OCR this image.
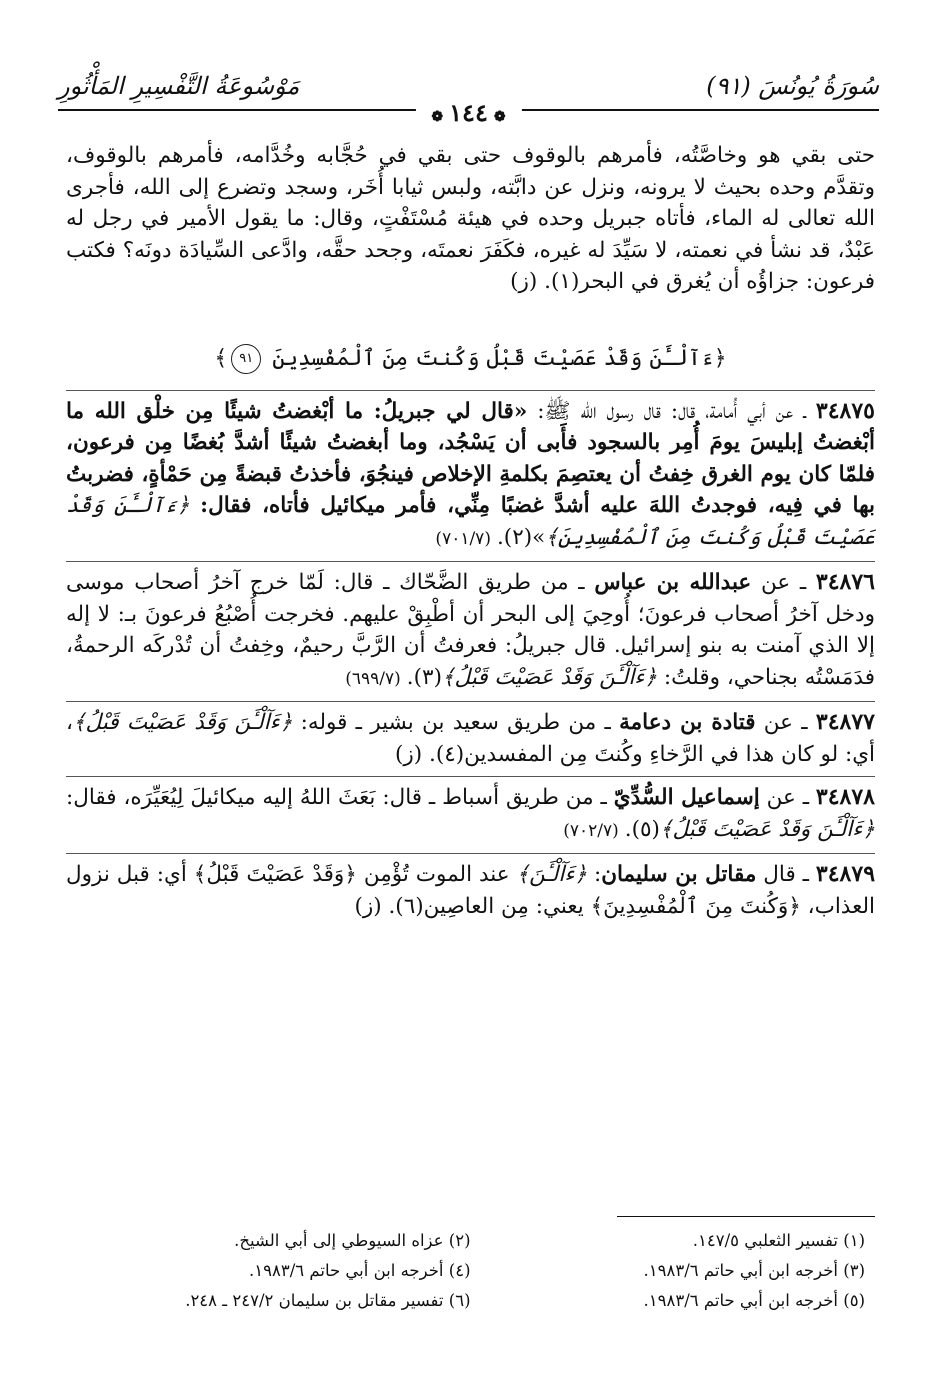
سُورَةُ يُونُسَ (٩١)
مَوْسُوعَةُ التَّفْسِيرِ المَأْثُورِ
❁١٤٤❁

حتى بقي هو وخاصَّتُه، فأمرهم بالوقوف حتى بقي في حُجَّابه وخُدَّامه، فأمرهم بالوقوف، وتقدَّم وحده بحيث لا يرونه، ونزل عن دابَّته، ولبس ثيابا أُخَر، وسجد وتضرع إلى الله، فأجرى الله تعالى له الماء، فأتاه جبريل وحده في هيئة مُسْتَفْتٍ، وقال: ما يقول الأمير في رجل له عَبْدٌ، قد نشأ في نعمته، لا سَيِّدَ له غيره، فكَفَرَ نعمتَه، وجحد حقَّه، وادَّعى السِّيادَة دونَه؟ فكتب فرعون: جزاؤُه أن يُغرق في البحر(١). (ز)

﴿ءَآلْـَٔنَ وَقَدْ عَصَيْتَ قَبْلُ وَكُنتَ مِنَ ٱلْمُفْسِدِينَ ٩١﴾

٣٤٨٧٥ ـ عن أبي أُمامة، قال: قال رسول الله ﷺ: «قال لي جبريلُ: ما أبْغضتُ شيئًا مِن خلْق الله ما أبْغضتُ إبليسَ يومَ أُمِر بالسجود فأَبى أن يَسْجُد، وما أبغضتُ شيئًا أشدَّ بُغضًا مِن فرعون، فلمّا كان يوم الغرق خِفتُ أن يعتصِمَ بكلمةِ الإخلاص فينجُوَ، فأخذتُ قبضةً مِن حَمْأةٍ، فضربتُ بها في فِيه، فوجدتُ اللهَ عليه أشدَّ غضبًا مِنِّي، فأمر ميكائيل فأتاه، فقال: ﴿ءَآلْـَٔنَ وَقَدْ عَصَيْتَ قَبْلُ وَكُنتَ مِنَ ٱلْمُفْسِدِينَ﴾»(٢).(٧٠١/٧)

٣٤٨٧٦ ـ عن عبدالله بن عباس ـ من طريق الضَّحّاك ـ قال: لَمّا خرج آخرُ أصحاب موسى ودخل آخرُ أصحاب فرعونَ؛ أُوحِيَ إلى البحر أن أطْبِقْ عليهم. فخرجت أُصْبُعُ فرعونَ بـ: لا إله إلا الذي آمنت به بنو إسرائيل. قال جبريلُ: فعرفتُ أن الرَّبَّ رحيمٌ، وخِفتُ أن تُدْركَه الرحمةُ، فدَمَسْتُه بجناحي، وقلتُ: ﴿ءَآلْـَٔنَ وَقَدْ عَصَيْتَ قَبْلُ﴾(٣).(٦٩٩/٧)

٣٤٨٧٧ ـ عن قتادة بن دعامة ـ من طريق سعيد بن بشير ـ قوله: ﴿ءَآلْـَٔنَ وَقَدْ عَصَيْتَ قَبْلُ﴾، أي: لو كان هذا في الرَّخاءِ وكُنتَ مِن المفسدين(٤). (ز)

٣٤٨٧٨ ـ عن إسماعيل السُّدِّيّ ـ من طريق أسباط ـ قال: بَعَثَ اللهُ إليه ميكائيلَ لِيُعَيِّرَه، فقال: ﴿ءَآلْـَٔنَ وَقَدْ عَصَيْتَ قَبْلُ﴾(٥).(٧٠٢/٧)

٣٤٨٧٩ ـ قال مقاتل بن سليمان: ﴿ءَآلْـَٔنَ﴾ عند الموت تُؤْمِن ﴿وَقَدْ عَصَيْتَ قَبْلُ﴾ أي: قبل نزول العذاب، ﴿وَكُنتَ مِنَ ٱلْمُفْسِدِينَ﴾ يعني: مِن العاصِين(٦). (ز)

(١) تفسير الثعلبي ١٤٧/٥.
(٣) أخرجه ابن أبي حاتم ١٩٨٣/٦.
(٥) أخرجه ابن أبي حاتم ١٩٨٣/٦.
(٢) عزاه السيوطي إلى أبي الشيخ.
(٤) أخرجه ابن أبي حاتم ١٩٨٣/٦.
(٦) تفسير مقاتل بن سليمان ٢٤٧/٢ ـ ٢٤٨.
